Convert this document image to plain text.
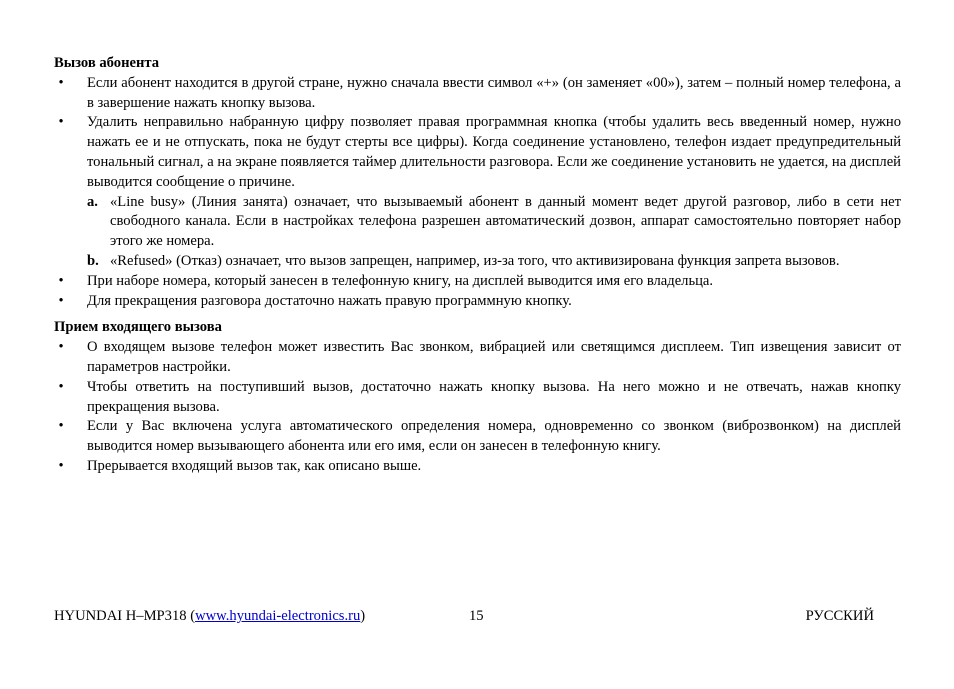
Вызов абонента

• Если абонент находится в другой стране, нужно сначала ввести символ «+» (он заменяет «00»), затем – полный номер телефона, а в завершение нажать кнопку вызова.
• Удалить неправильно набранную цифру позволяет правая программная кнопка (чтобы удалить весь введенный номер, нужно нажать ее и не отпускать, пока не будут стерты все цифры). Когда соединение установлено, телефон издает предупредительный тональный сигнал, а на экране появляется таймер длительности разговора. Если же соединение установить не удается, на дисплей выводится сообщение о причине.
a. «Line busy» (Линия занята) означает, что вызываемый абонент в данный момент ведет другой разговор, либо в сети нет свободного канала. Если в настройках телефона разрешен автоматический дозвон, аппарат самостоятельно повторяет набор этого же номера.
b. «Refused» (Отказ) означает, что вызов запрещен, например, из-за того, что активизирована функция запрета вызовов.
• При наборе номера, который занесен в телефонную книгу, на дисплей выводится имя его владельца.
• Для прекращения разговора достаточно нажать правую программную кнопку.

Прием входящего вызова

• О входящем вызове телефон может известить Вас звонком, вибрацией или светящимся дисплеем. Тип извещения зависит от параметров настройки.
• Чтобы ответить на поступивший вызов, достаточно нажать кнопку вызова. На него можно и не отвечать, нажав кнопку прекращения вызова.
• Если у Вас включена услуга автоматического определения номера, одновременно со звонком (виброзвонком) на дисплей выводится номер вызывающего абонента или его имя, если он занесен в телефонную книгу.
• Прерывается входящий вызов так, как описано выше.
HYUNDAI H–MP318 (www.hyundai-electronics.ru)	15	РУССКИЙ
